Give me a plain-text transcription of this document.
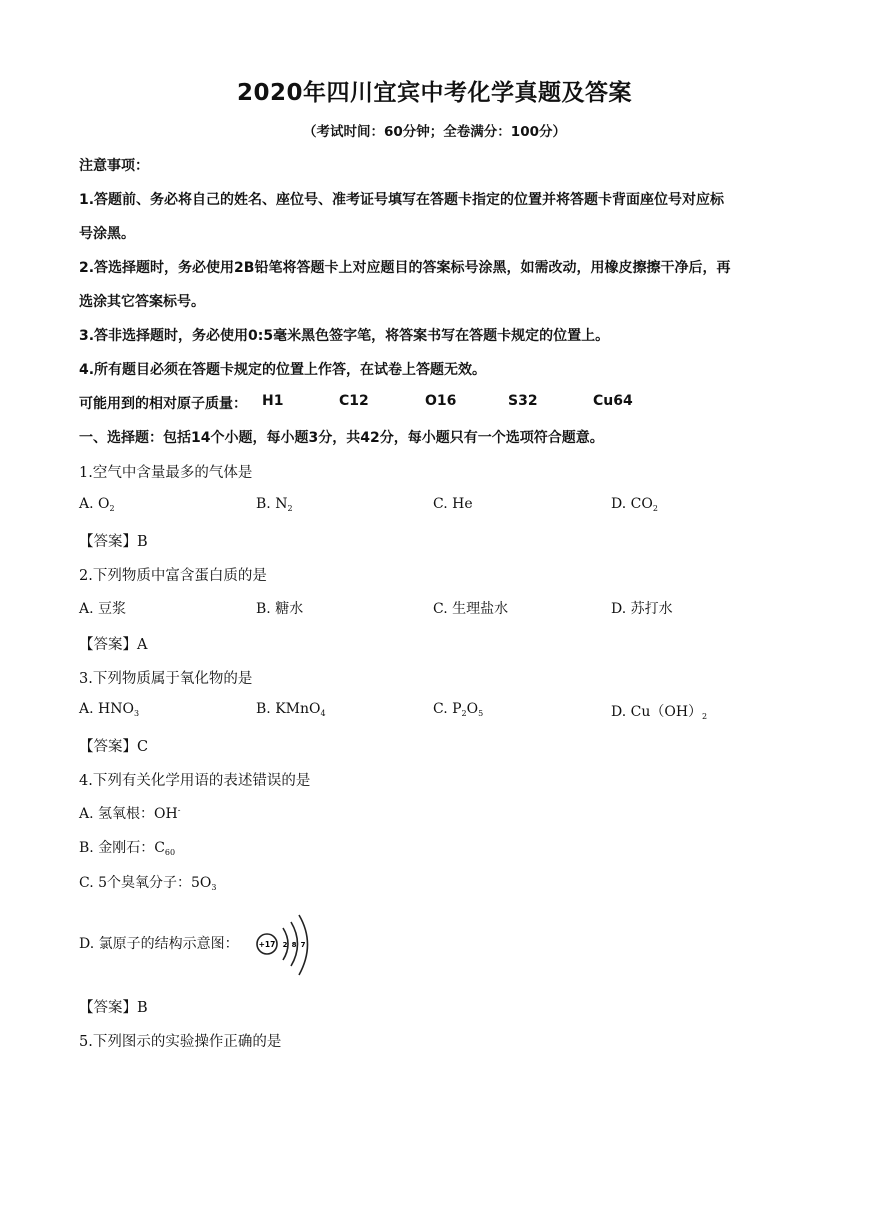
2020年四川宜宾中考化学真题及答案
（考试时间：60分钟；全卷满分：100分）
注意事项：
1.答题前、务必将自己的姓名、座位号、准考证号填写在答题卡指定的位置并将答题卡背面座位号对应标
号涂黑。
2.答选择题时，务必使用2B铅笔将答题卡上对应题目的答案标号涂黑，如需改动，用橡皮擦擦干净后，再
选涂其它答案标号。
3.答非选择题时，务必使用0:5毫米黑色签字笔，将答案书写在答题卡规定的位置上。
4.所有题目必须在答题卡规定的位置上作答，在试卷上答题无效。
可能用到的相对原子质量： H1	C12	O16	S32	Cu64
一、选择题：包括14个小题，每小题3分，共42分，每小题只有一个选项符合题意。
1.空气中含量最多的气体是
A. $O_2$	B. $N_2$	C. He	D. $CO_2$
【答案】B
2.下列物质中富含蛋白质的是
A. 豆浆	B. 糖水	C. 生理盐水	D. 苏打水
【答案】A
3.下列物质属于氧化物的是
A. $HNO_3$	B. KMnO$_4$	C. $P_2O_5$	D. $Cu(OH)_2$
【答案】C
4.下列有关化学用语的表述错误的是
A. 氢氧根：OH-
B. 金刚石：$C_{60}$
C. 5个臭氧分子：$5O_3$
D. 氯原子的结构示意图：	+17 2 8 7
【答案】B
5.下列图示的实验操作正确的是
